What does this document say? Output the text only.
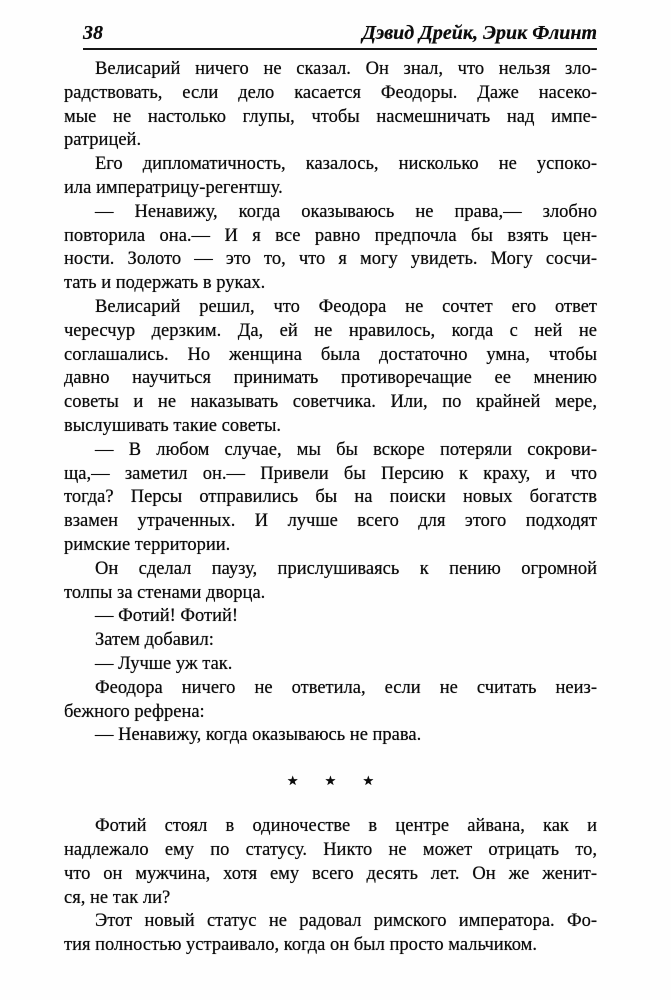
38	Дэвид Дрейк, Эрик Флинт
Велисарий ничего не сказал. Он знал, что нельзя зло-
радствовать, если дело касается Феодоры. Даже насеко-
мые не настолько глупы, чтобы насмешничать над импе-
ратрицей.
Его дипломатичность, казалось, нисколько не успоко-
ила императрицу-регентшу.
— Ненавижу, когда оказываюсь не права,— злобно
повторила она.— И я все равно предпочла бы взять цен-
ности. Золото — это то, что я могу увидеть. Могу сосчи-
тать и подержать в руках.
Велисарий решил, что Феодора не сочтет его ответ
чересчур дерзким. Да, ей не нравилось, когда с ней не
соглашались. Но женщина была достаточно умна, чтобы
давно научиться принимать противоречащие ее мнению
советы и не наказывать советчика. Или, по крайней мере,
выслушивать такие советы.
— В любом случае, мы бы вскоре потеряли сокрови-
ща,— заметил он.— Привели бы Персию к краху, и что
тогда? Персы отправились бы на поиски новых богатств
взамен утраченных. И лучше всего для этого подходят
римские территории.
Он сделал паузу, прислушиваясь к пению огромной
толпы за стенами дворца.
— Фотий! Фотий!
Затем добавил:
— Лучше уж так.
Феодора ничего не ответила, если не считать неиз-
бежного рефрена:
— Ненавижу, когда оказываюсь не права.
★ ★ ★
Фотий стоял в одиночестве в центре айвана, как и
надлежало ему по статусу. Никто не может отрицать то,
что он мужчина, хотя ему всего десять лет. Он же женит-
ся, не так ли?
Этот новый статус не радовал римского императора. Фо-
тия полностью устраивало, когда он был просто мальчиком.
